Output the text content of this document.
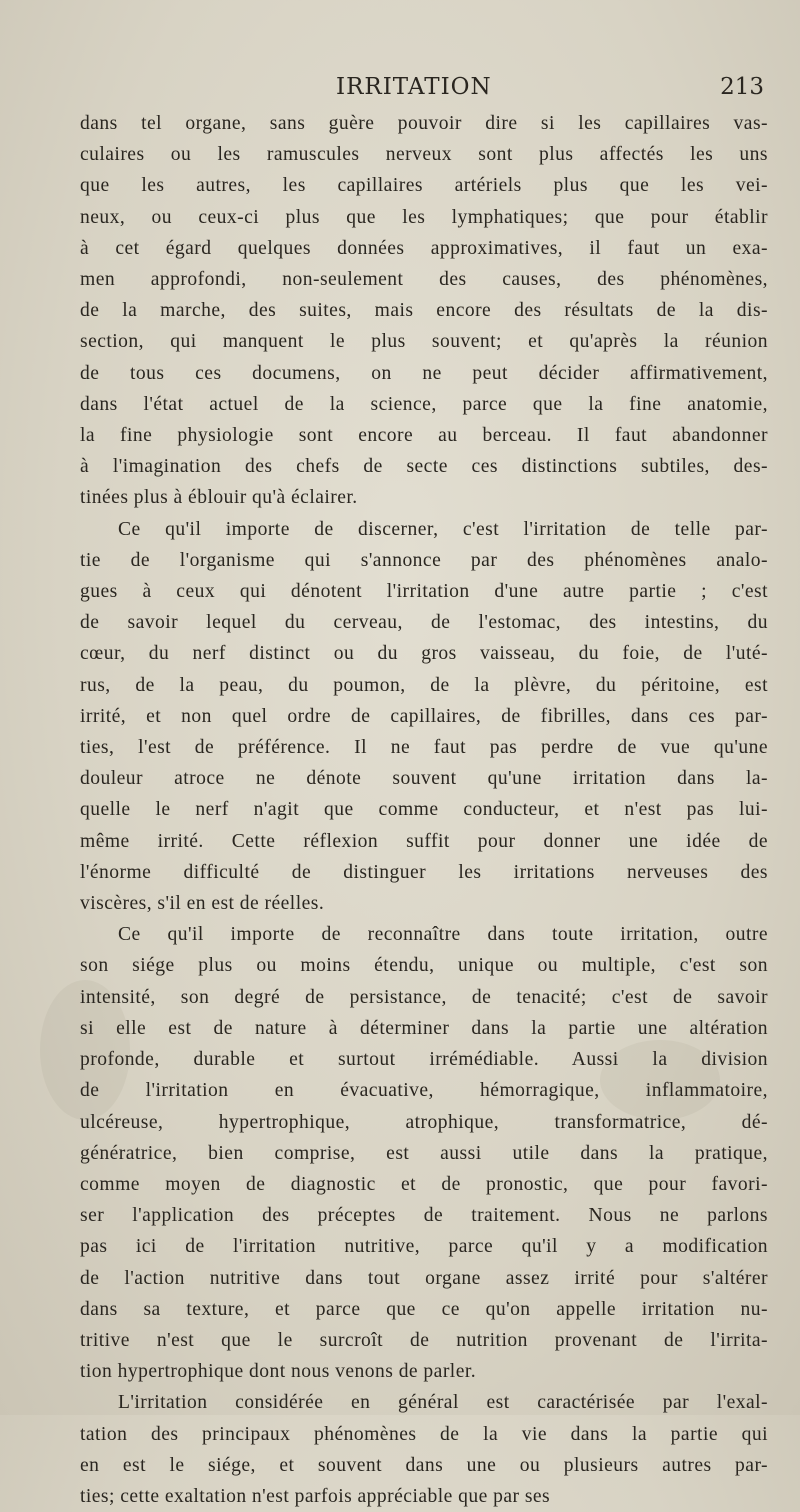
IRRITATION	213

dans tel organe, sans guère pouvoir dire si les capillaires vas-
culaires ou les ramuscules nerveux sont plus affectés les uns
que les autres, les capillaires artériels plus que les vei-
neux, ou ceux-ci plus que les lymphatiques; que pour établir
à cet égard quelques données approximatives, il faut un exa-
men approfondi, non-seulement des causes, des phénomènes,
de la marche, des suites, mais encore des résultats de la dis-
section, qui manquent le plus souvent; et qu'après la réunion
de tous ces documens, on ne peut décider affirmativement,
dans l'état actuel de la science, parce que la fine anatomie,
la fine physiologie sont encore au berceau. Il faut abandonner
à l'imagination des chefs de secte ces distinctions subtiles, des-
tinées plus à éblouir qu'à éclairer.

Ce qu'il importe de discerner, c'est l'irritation de telle par-
tie de l'organisme qui s'annonce par des phénomènes analo-
gues à ceux qui dénotent l'irritation d'une autre partie ; c'est
de savoir lequel du cerveau, de l'estomac, des intestins, du
cœur, du nerf distinct ou du gros vaisseau, du foie, de l'uté-
rus, de la peau, du poumon, de la plèvre, du péritoine, est
irrité, et non quel ordre de capillaires, de fibrilles, dans ces par-
ties, l'est de préférence. Il ne faut pas perdre de vue qu'une
douleur atroce ne dénote souvent qu'une irritation dans la-
quelle le nerf n'agit que comme conducteur, et n'est pas lui-
même irrité. Cette réflexion suffit pour donner une idée de
l'énorme difficulté de distinguer les irritations nerveuses des
viscères, s'il en est de réelles.

Ce qu'il importe de reconnaître dans toute irritation, outre
son siége plus ou moins étendu, unique ou multiple, c'est son
intensité, son degré de persistance, de tenacité; c'est de savoir
si elle est de nature à déterminer dans la partie une altération
profonde, durable et surtout irrémédiable. Aussi la division
de l'irritation en évacuative, hémorragique, inflammatoire,
ulcéreuse, hypertrophique, atrophique, transformatrice, dé-
génératrice, bien comprise, est aussi utile dans la pratique,
comme moyen de diagnostic et de pronostic, que pour favori-
ser l'application des préceptes de traitement. Nous ne parlons
pas ici de l'irritation nutritive, parce qu'il y a modification
de l'action nutritive dans tout organe assez irrité pour s'altérer
dans sa texture, et parce que ce qu'on appelle irritation nu-
tritive n'est que le surcroît de nutrition provenant de l'irrita-
tion hypertrophique dont nous venons de parler.

L'irritation considérée en général est caractérisée par l'exal-
tation des principaux phénomènes de la vie dans la partie qui
en est le siége, et souvent dans une ou plusieurs autres par-
ties; cette exaltation n'est parfois appréciable que par ses
